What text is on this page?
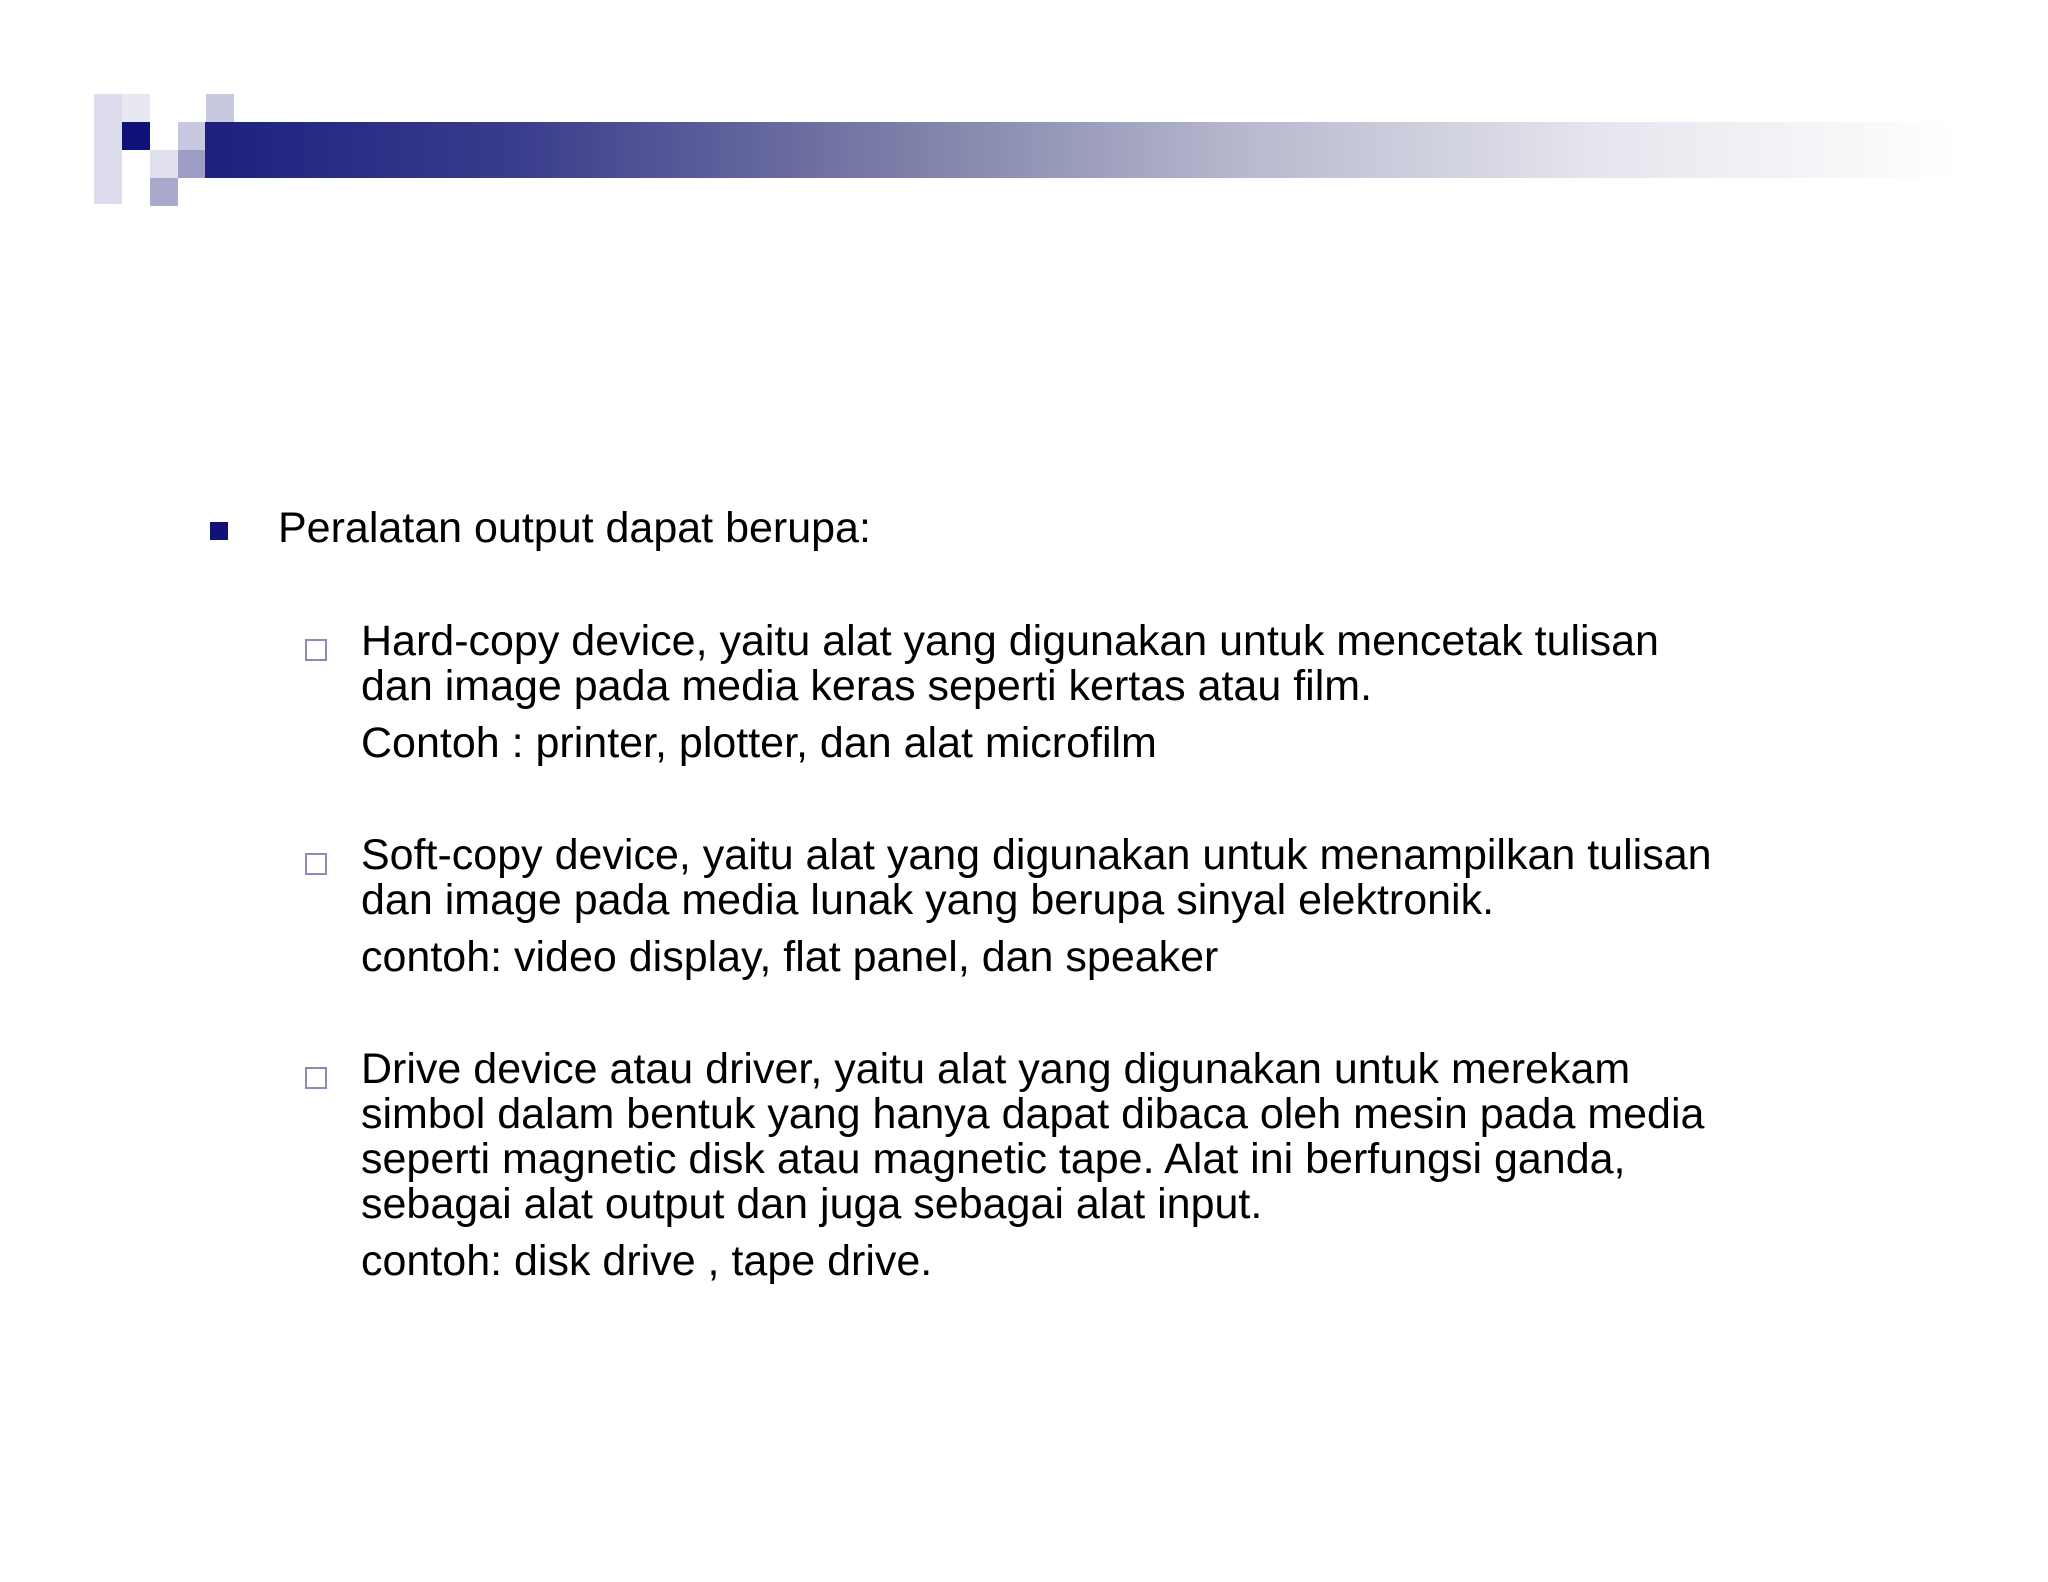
Peralatan output dapat berupa:
Hard-copy device, yaitu alat yang digunakan untuk mencetak tulisan
dan image pada media keras seperti kertas atau film.
Contoh : printer, plotter, dan alat microfilm
Soft-copy device, yaitu alat yang digunakan untuk menampilkan tulisan
dan image pada media lunak yang berupa sinyal elektronik.
contoh: video display, flat panel, dan speaker
Drive device atau driver, yaitu alat yang digunakan untuk merekam
simbol dalam bentuk yang hanya dapat dibaca oleh mesin pada media
seperti magnetic disk atau magnetic tape. Alat ini berfungsi ganda,
sebagai alat output dan juga sebagai alat input.
contoh: disk drive , tape drive.
